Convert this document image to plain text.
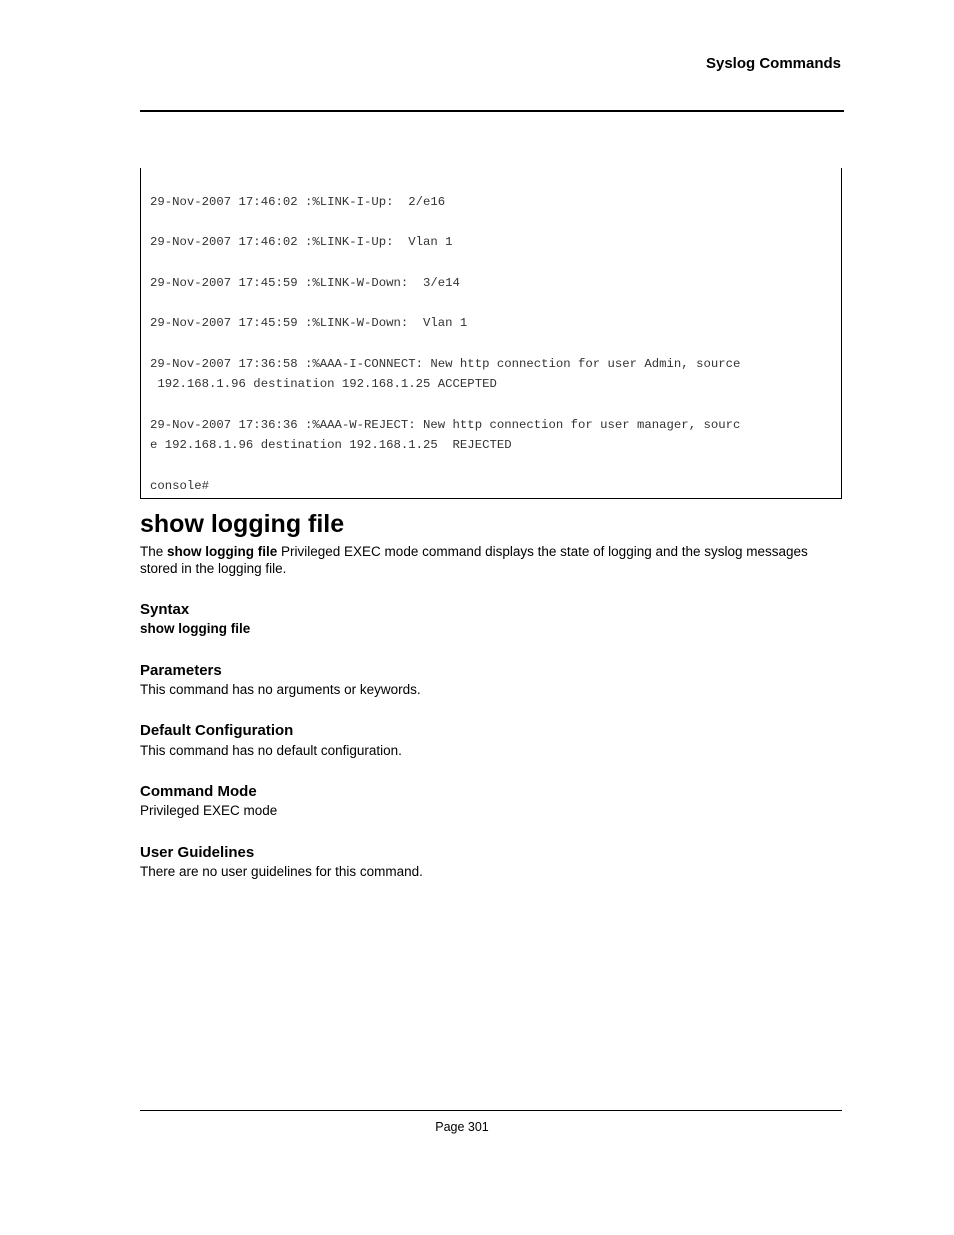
Syslog Commands
29-Nov-2007 17:46:02 :%LINK-I-Up:  2/e16
29-Nov-2007 17:46:02 :%LINK-I-Up:  Vlan 1
29-Nov-2007 17:45:59 :%LINK-W-Down:  3/e14
29-Nov-2007 17:45:59 :%LINK-W-Down:  Vlan 1
29-Nov-2007 17:36:58 :%AAA-I-CONNECT: New http connection for user Admin, source
192.168.1.96 destination 192.168.1.25 ACCEPTED
29-Nov-2007 17:36:36 :%AAA-W-REJECT: New http connection for user manager, sourc
e 192.168.1.96 destination 192.168.1.25  REJECTED
console#
show logging file

The show logging file Privileged EXEC mode command displays the state of logging and the syslog messages stored in the logging file.

Syntax

show logging file

Parameters

This command has no arguments or keywords.

Default Configuration

This command has no default configuration.

Command Mode

Privileged EXEC mode

User Guidelines

There are no user guidelines for this command.

Page 301
